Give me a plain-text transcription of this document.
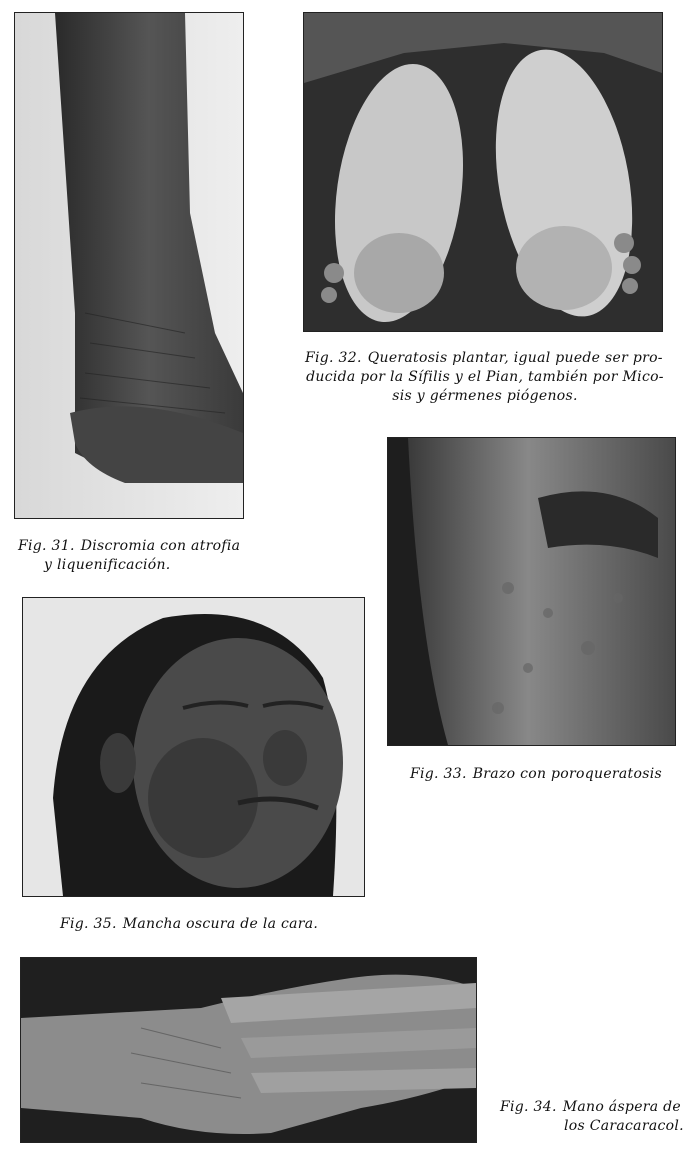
Fig. 31. Discromia con atrofia
y liquenificación.
Fig. 32. Queratosis plantar, igual puede ser pro-
ducida por la Sífilis y el Pian, también por Mico-
sis y gérmenes piógenos.
Fig. 33. Brazo con poroqueratosis
Fig. 35. Mancha oscura de la cara.
Fig. 34. Mano áspera de
los Caracaracol.
